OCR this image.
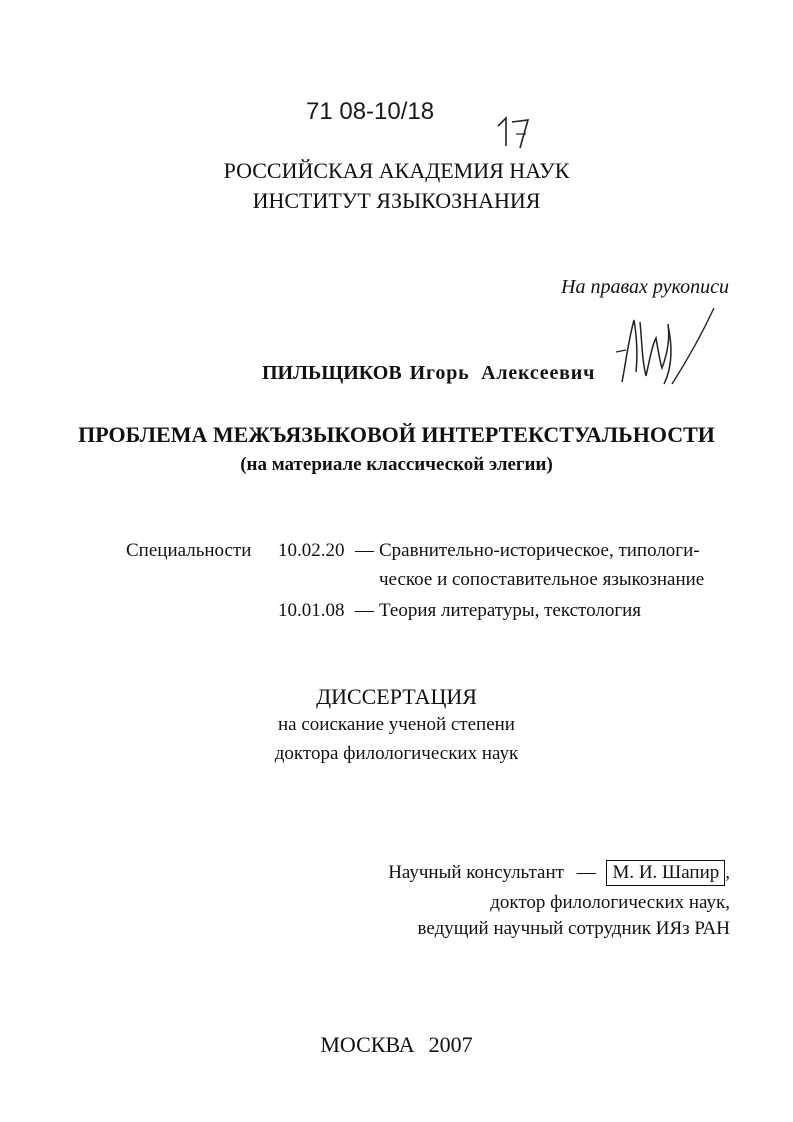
71 08-10/18
РОССИЙСКАЯ АКАДЕМИЯ НАУК
ИНСТИТУТ ЯЗЫКОЗНАНИЯ
На правах рукописи
ПИЛЬЩИКОВ Игорь  Алексеевич
ПРОБЛЕМА МЕЖЪЯЗЫКОВОЙ ИНТЕРТЕКСТУАЛЬНОСТИ
(на материале классической элегии)
Специальности 10.02.20 — Сравнительно-историческое, типологи-
ческое и сопоставительное языкознание
10.01.08 — Теория литературы, текстология
ДИССЕРТАЦИЯ
на соискание ученой степени
доктора филологических наук
Научный консультант — М. И. Шапир ,
доктор филологических наук,
ведущий научный сотрудник ИЯз РАН
МОСКВА 2007
